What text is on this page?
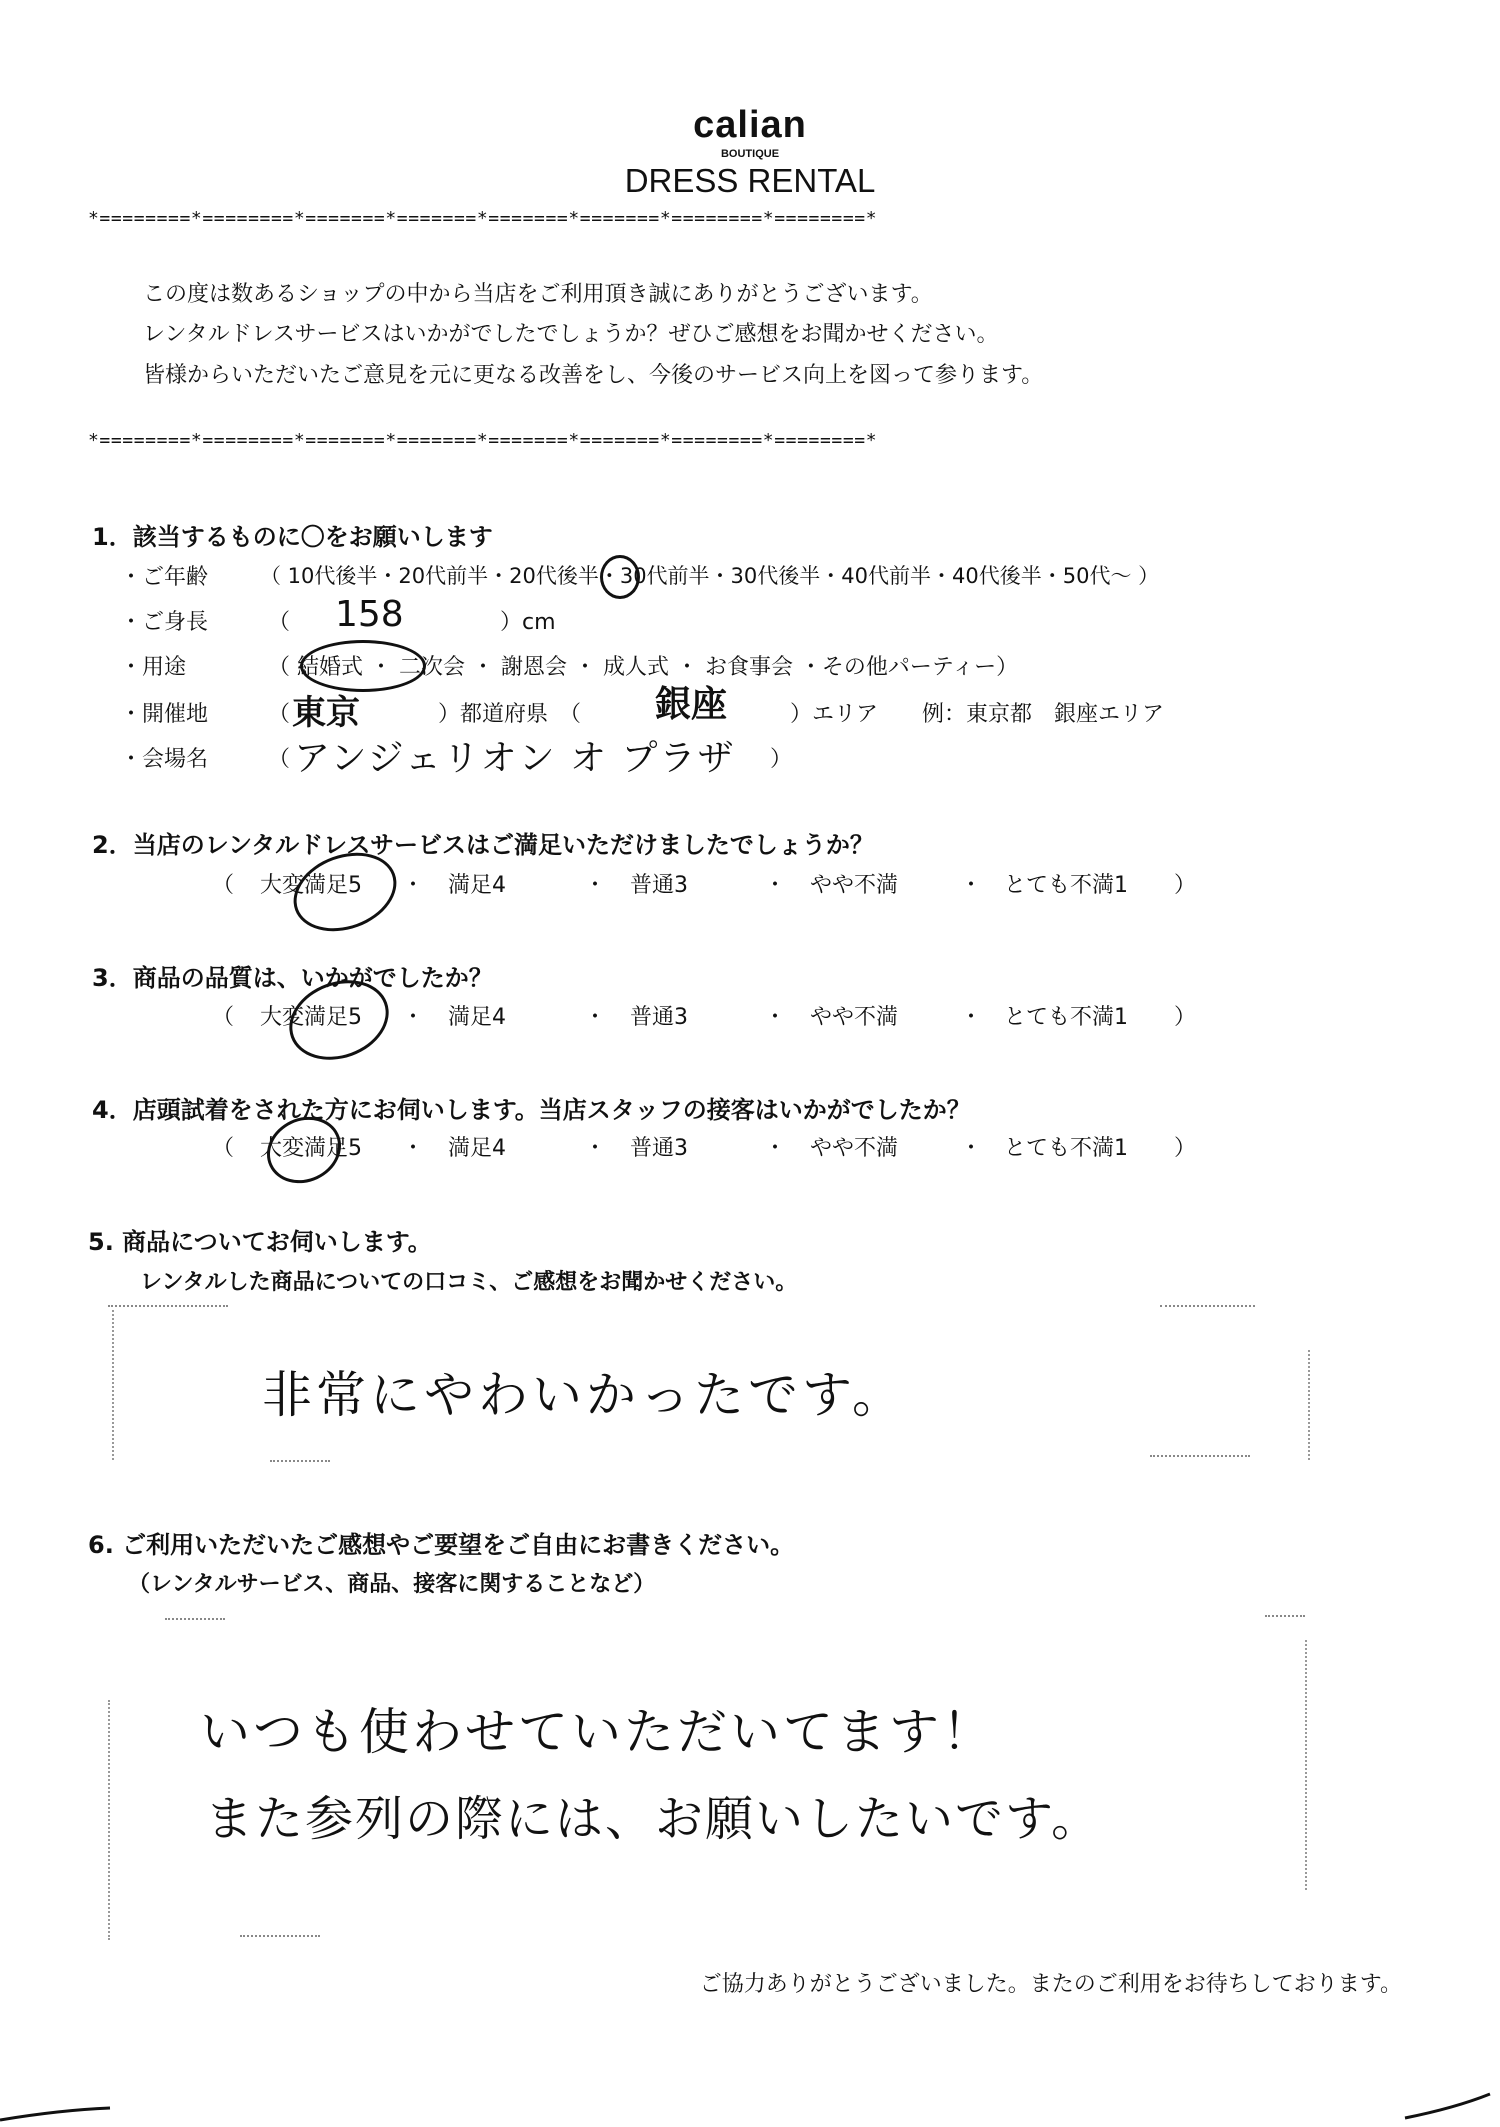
calian
BOUTIQUE
DRESS RENTAL
*========*========*=======*=======*=======*=======*========*========*
この度は数あるショップの中から当店をご利用頂き誠にありがとうございます。
レンタルドレスサービスはいかがでしたでしょうか？ぜひご感想をお聞かせください。
皆様からいただいたご意見を元に更なる改善をし、今後のサービス向上を図って参ります。
*========*========*=======*=======*=======*=======*========*========*
1．該当するものに〇をお願いします
・ご年齢 （ 10代後半・20代前半・20代後半・30代前半・30代後半・40代前半・40代後半・50代～ ）
・ご身長	（ 158	）cm
・用途	（ 結婚式 ・ 二次会 ・ 謝恩会 ・ 成人式 ・ お食事会 ・その他パーティー）
・開催地	（ 東京	）都道府県　（ 銀座	）エリア　　例：東京都　銀座エリア
・会場名	（ アンジェリオン オ プラザ ）
2．当店のレンタルドレスサービスはご満足いただけましたでしょうか？
（	大変満足5	・	満足4	・	普通3	・	やや不満	・ とても不満1	）
3．商品の品質は、いかがでしたか？
（	大変満足5	・	満足4	・	普通3	・	やや不満	・ とても不満1	）
4．店頭試着をされた方にお伺いします。当店スタッフの接客はいかがでしたか？
（	大変満足5	・	満足4	・	普通3	・	やや不満	・ とても不満1	）
5. 商品についてお伺いします。
レンタルした商品についての口コミ、ご感想をお聞かせください。
非常にやわいかったです。
6. ご利用いただいたご感想やご要望をご自由にお書きください。
（レンタルサービス、商品、接客に関することなど）
いつも使わせていただいてます！
また参列の際には、お願いしたいです。
ご協力ありがとうございました。またのご利用をお待ちしております。
